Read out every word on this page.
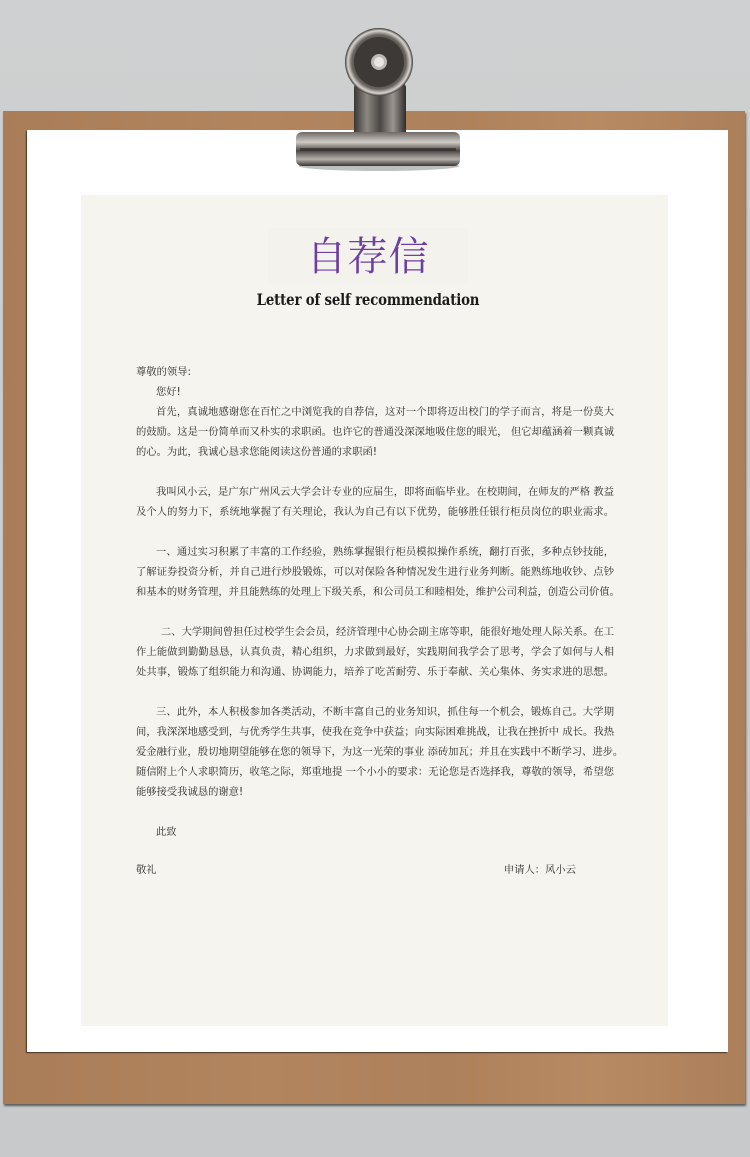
自荐信
Letter of self recommendation
尊敬的领导:
您好!
首先，真诚地感谢您在百忙之中浏览我的自荐信，这对一个即将迈出校门的学子而言，将是一份莫大
的鼓励。这是一份简单而又朴实的求职函。也许它的普通没深深地吸住您的眼光， 但它却蕴涵着一颗真诚
的心。为此，我诚心恳求您能阅读这份普通的求职函!
我叫风小云，是广东广州风云大学会计专业的应届生，即将面临毕业。在校期间，在师友的严格 教益
及个人的努力下，系统地掌握了有关理论，我认为自己有以下优势，能够胜任银行柜员岗位的职业需求。
一、通过实习积累了丰富的工作经验，熟练掌握银行柜员模拟操作系统，翻打百张，多种点钞技能，
了解证券投资分析，并自己进行炒股锻炼，可以对保险各种情况发生进行业务判断。能熟练地收钞、点钞
和基本的财务管理，并且能熟练的处理上下级关系，和公司员工和睦相处，维护公司利益，创造公司价值。
二、大学期间曾担任过校学生会会员，经济管理中心协会副主席等职，能很好地处理人际关系。在工
作上能做到勤勤恳恳，认真负责，精心组织，力求做到最好，实践期间我学会了思考，学会了如何与人相
处共事，锻炼了组织能力和沟通、协调能力，培养了吃苦耐劳、乐于奉献、关心集体、务实求进的思想。
三、此外，本人积极参加各类活动，不断丰富自己的业务知识，抓住每一个机会，锻炼自己。大学期
间，我深深地感受到，与优秀学生共事，使我在竞争中获益；向实际困难挑战，让我在挫折中 成长。我热
爱金融行业，殷切地期望能够在您的领导下，为这一光荣的事业 添砖加瓦；并且在实践中不断学习、进步。
随信附上个人求职简历，收笔之际，郑重地提 一个小小的要求：无论您是否选择我，尊敬的领导，希望您
能够接受我诚恳的谢意!
此致
敬礼	申请人：风小云
